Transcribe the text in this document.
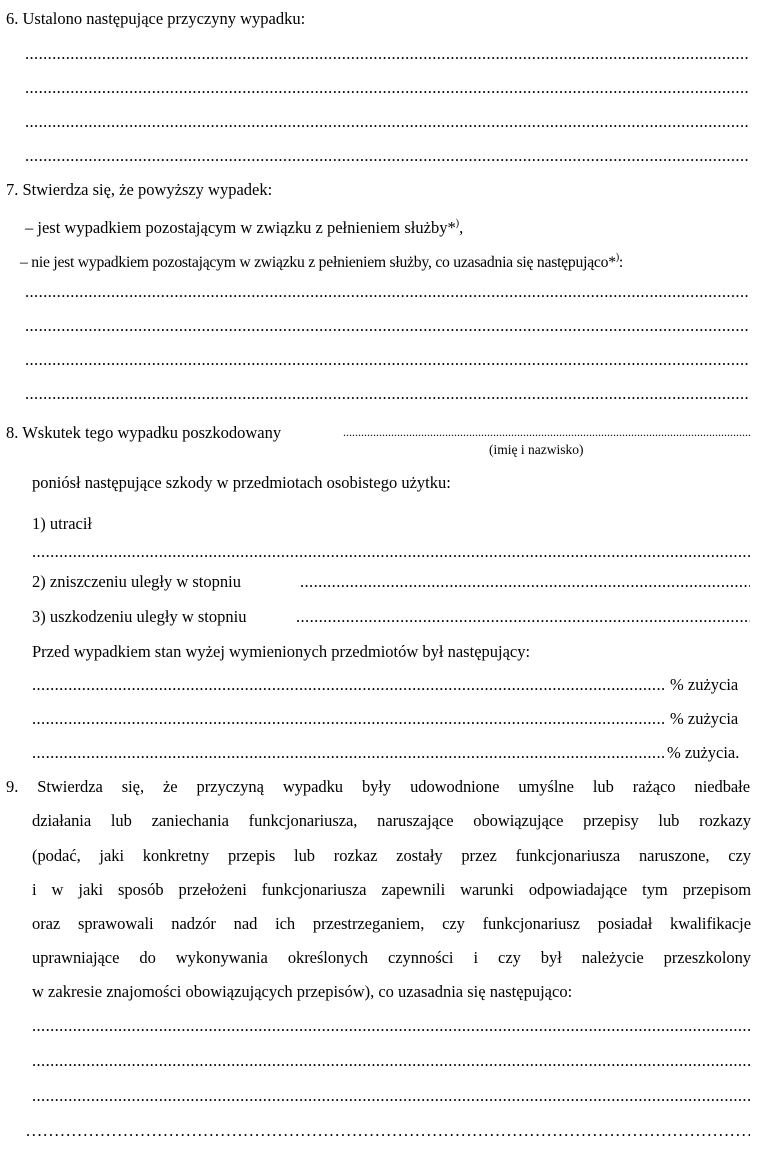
6. Ustalono następujące przyczyny wypadku:
.....
.....
.....
.....
7. Stwierdza się, że powyższy wypadek:
– jest wypadkiem pozostającym w związku z pełnieniem służby*),
– nie jest wypadkiem pozostającym w związku z pełnieniem służby, co uzasadnia się następująco*):
.....
.....
.....
.....
8. Wskutek tego wypadku poszkodowany
.....
(imię i nazwisko)
poniósł następujące szkody w przedmiotach osobistego użytku:
1) utracił
.....
2) zniszczeniu uległy w stopniu
.....
3) uszkodzeniu uległy w stopniu
.....
Przed wypadkiem stan wyżej wymienionych przedmiotów był następujący:
.....
% zużycia
.....
% zużycia
.....
% zużycia.
9. Stwierdza się, że przyczyną wypadku były udowodnione umyślne lub rażąco niedbałe
działania lub zaniechania funkcjonariusza, naruszające obowiązujące przepisy lub rozkazy
(podać, jaki konkretny przepis lub rozkaz zostały przez funkcjonariusza naruszone, czy
i w jaki sposób przełożeni funkcjonariusza zapewnili warunki odpowiadające tym przepisom
oraz sprawowali nadzór nad ich przestrzeganiem, czy funkcjonariusz posiadał kwalifikacje
uprawniające do wykonywania określonych czynności i czy był należycie przeszkolony
w zakresie znajomości obowiązujących przepisów), co uzasadnia się następująco:
.....
.....
.....
.....
